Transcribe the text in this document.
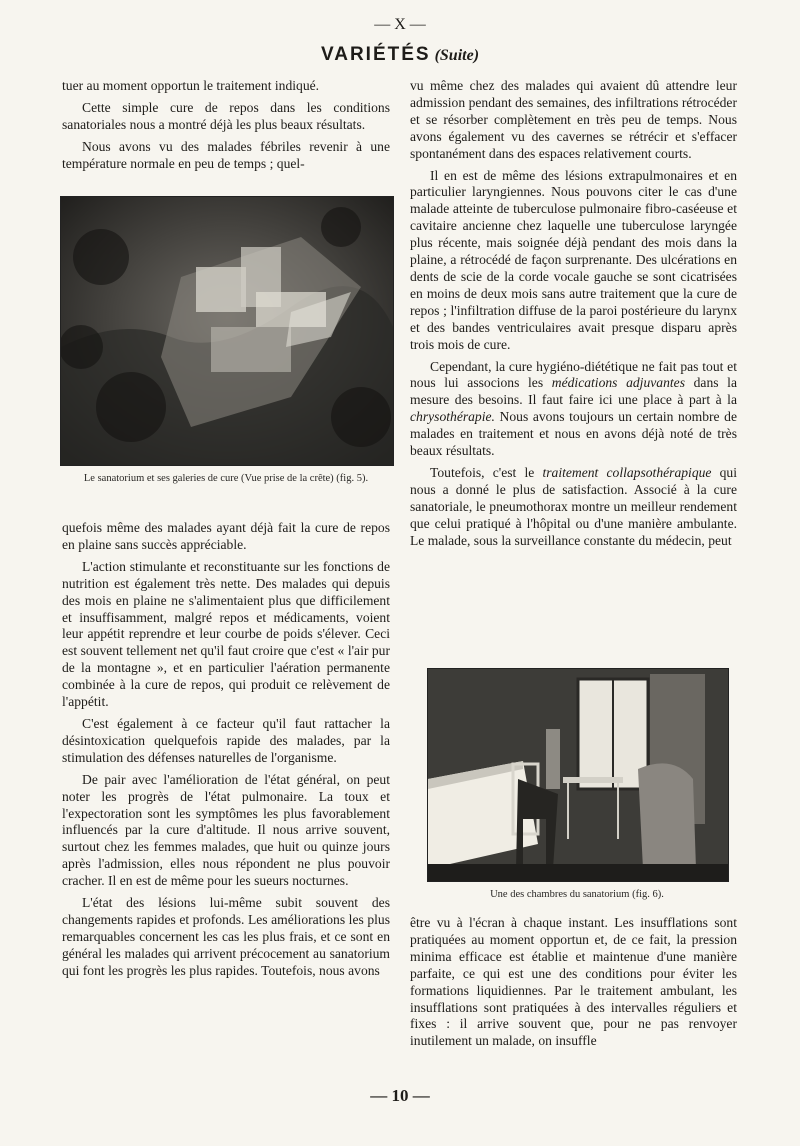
— X —
VARIÉTÉS (Suite)

tuer au moment opportun le traitement indiqué.

Cette simple cure de repos dans les conditions sanatoriales nous a montré déjà les plus beaux résultats.

Nous avons vu des malades fébriles revenir à une température normale en peu de temps ; quel-

Le sanatorium et ses galeries de cure (Vue prise de la crête) (fig. 5).

quefois même des malades ayant déjà fait la cure de repos en plaine sans succès appréciable.

L'action stimulante et reconstituante sur les fonctions de nutrition est également très nette. Des malades qui depuis des mois en plaine ne s'alimentaient plus que difficilement et insuffisamment, malgré repos et médicaments, voient leur appétit reprendre et leur courbe de poids s'élever. Ceci est souvent tellement net qu'il faut croire que c'est « l'air pur de la montagne », et en particulier l'aération permanente combinée à la cure de repos, qui produit ce relèvement de l'appétit.

C'est également à ce facteur qu'il faut rattacher la désintoxication quelquefois rapide des malades, par la stimulation des défenses naturelles de l'organisme.

De pair avec l'amélioration de l'état général, on peut noter les progrès de l'état pulmonaire. La toux et l'expectoration sont les symptômes les plus favorablement influencés par la cure d'altitude. Il nous arrive souvent, surtout chez les femmes malades, que huit ou quinze jours après l'admission, elles nous répondent ne plus pouvoir cracher. Il en est de même pour les sueurs nocturnes.

L'état des lésions lui-même subit souvent des changements rapides et profonds. Les améliorations les plus remarquables concernent les cas les plus frais, et ce sont en général les malades qui arrivent précocement au sanatorium qui font les progrès les plus rapides. Toutefois, nous avons

vu même chez des malades qui avaient dû attendre leur admission pendant des semaines, des infiltrations rétrocéder et se résorber complètement en très peu de temps. Nous avons également vu des cavernes se rétrécir et s'effacer spontanément dans des espaces relativement courts.

Il en est de même des lésions extrapulmonaires et en particulier laryngiennes. Nous pouvons citer le cas d'une malade atteinte de tuberculose pulmonaire fibro-caséeuse et cavitaire ancienne chez laquelle une tuberculose laryngée plus récente, mais soignée déjà pendant des mois dans la plaine, a rétrocédé de façon surprenante. Des ulcérations en dents de scie de la corde vocale gauche se sont cicatrisées en moins de deux mois sans autre traitement que la cure de repos ; l'infiltration diffuse de la paroi postérieure du larynx et des bandes ventriculaires avait presque disparu après trois mois de cure.

Cependant, la cure hygiéno-diététique ne fait pas tout et nous lui associons les médications adjuvantes dans la mesure des besoins. Il faut faire ici une place à part à la chrysothérapie. Nous avons toujours un certain nombre de malades en traitement et nous en avons déjà noté de très beaux résultats.

Toutefois, c'est le traitement collapsothérapique qui nous a donné le plus de satisfaction. Associé à la cure sanatoriale, le pneumothorax montre un meilleur rendement que celui pratiqué à l'hôpital ou d'une manière ambulante. Le malade, sous la surveillance constante du médecin, peut

Une des chambres du sanatorium (fig. 6).

être vu à l'écran à chaque instant. Les insufflations sont pratiquées au moment opportun et, de ce fait, la pression minima efficace est établie et maintenue d'une manière parfaite, ce qui est une des conditions pour éviter les formations liquidiennes. Par le traitement ambulant, les insufflations sont pratiquées à des intervalles réguliers et fixes : il arrive souvent que, pour ne pas renvoyer inutilement un malade, on insuffle

— 10 —
